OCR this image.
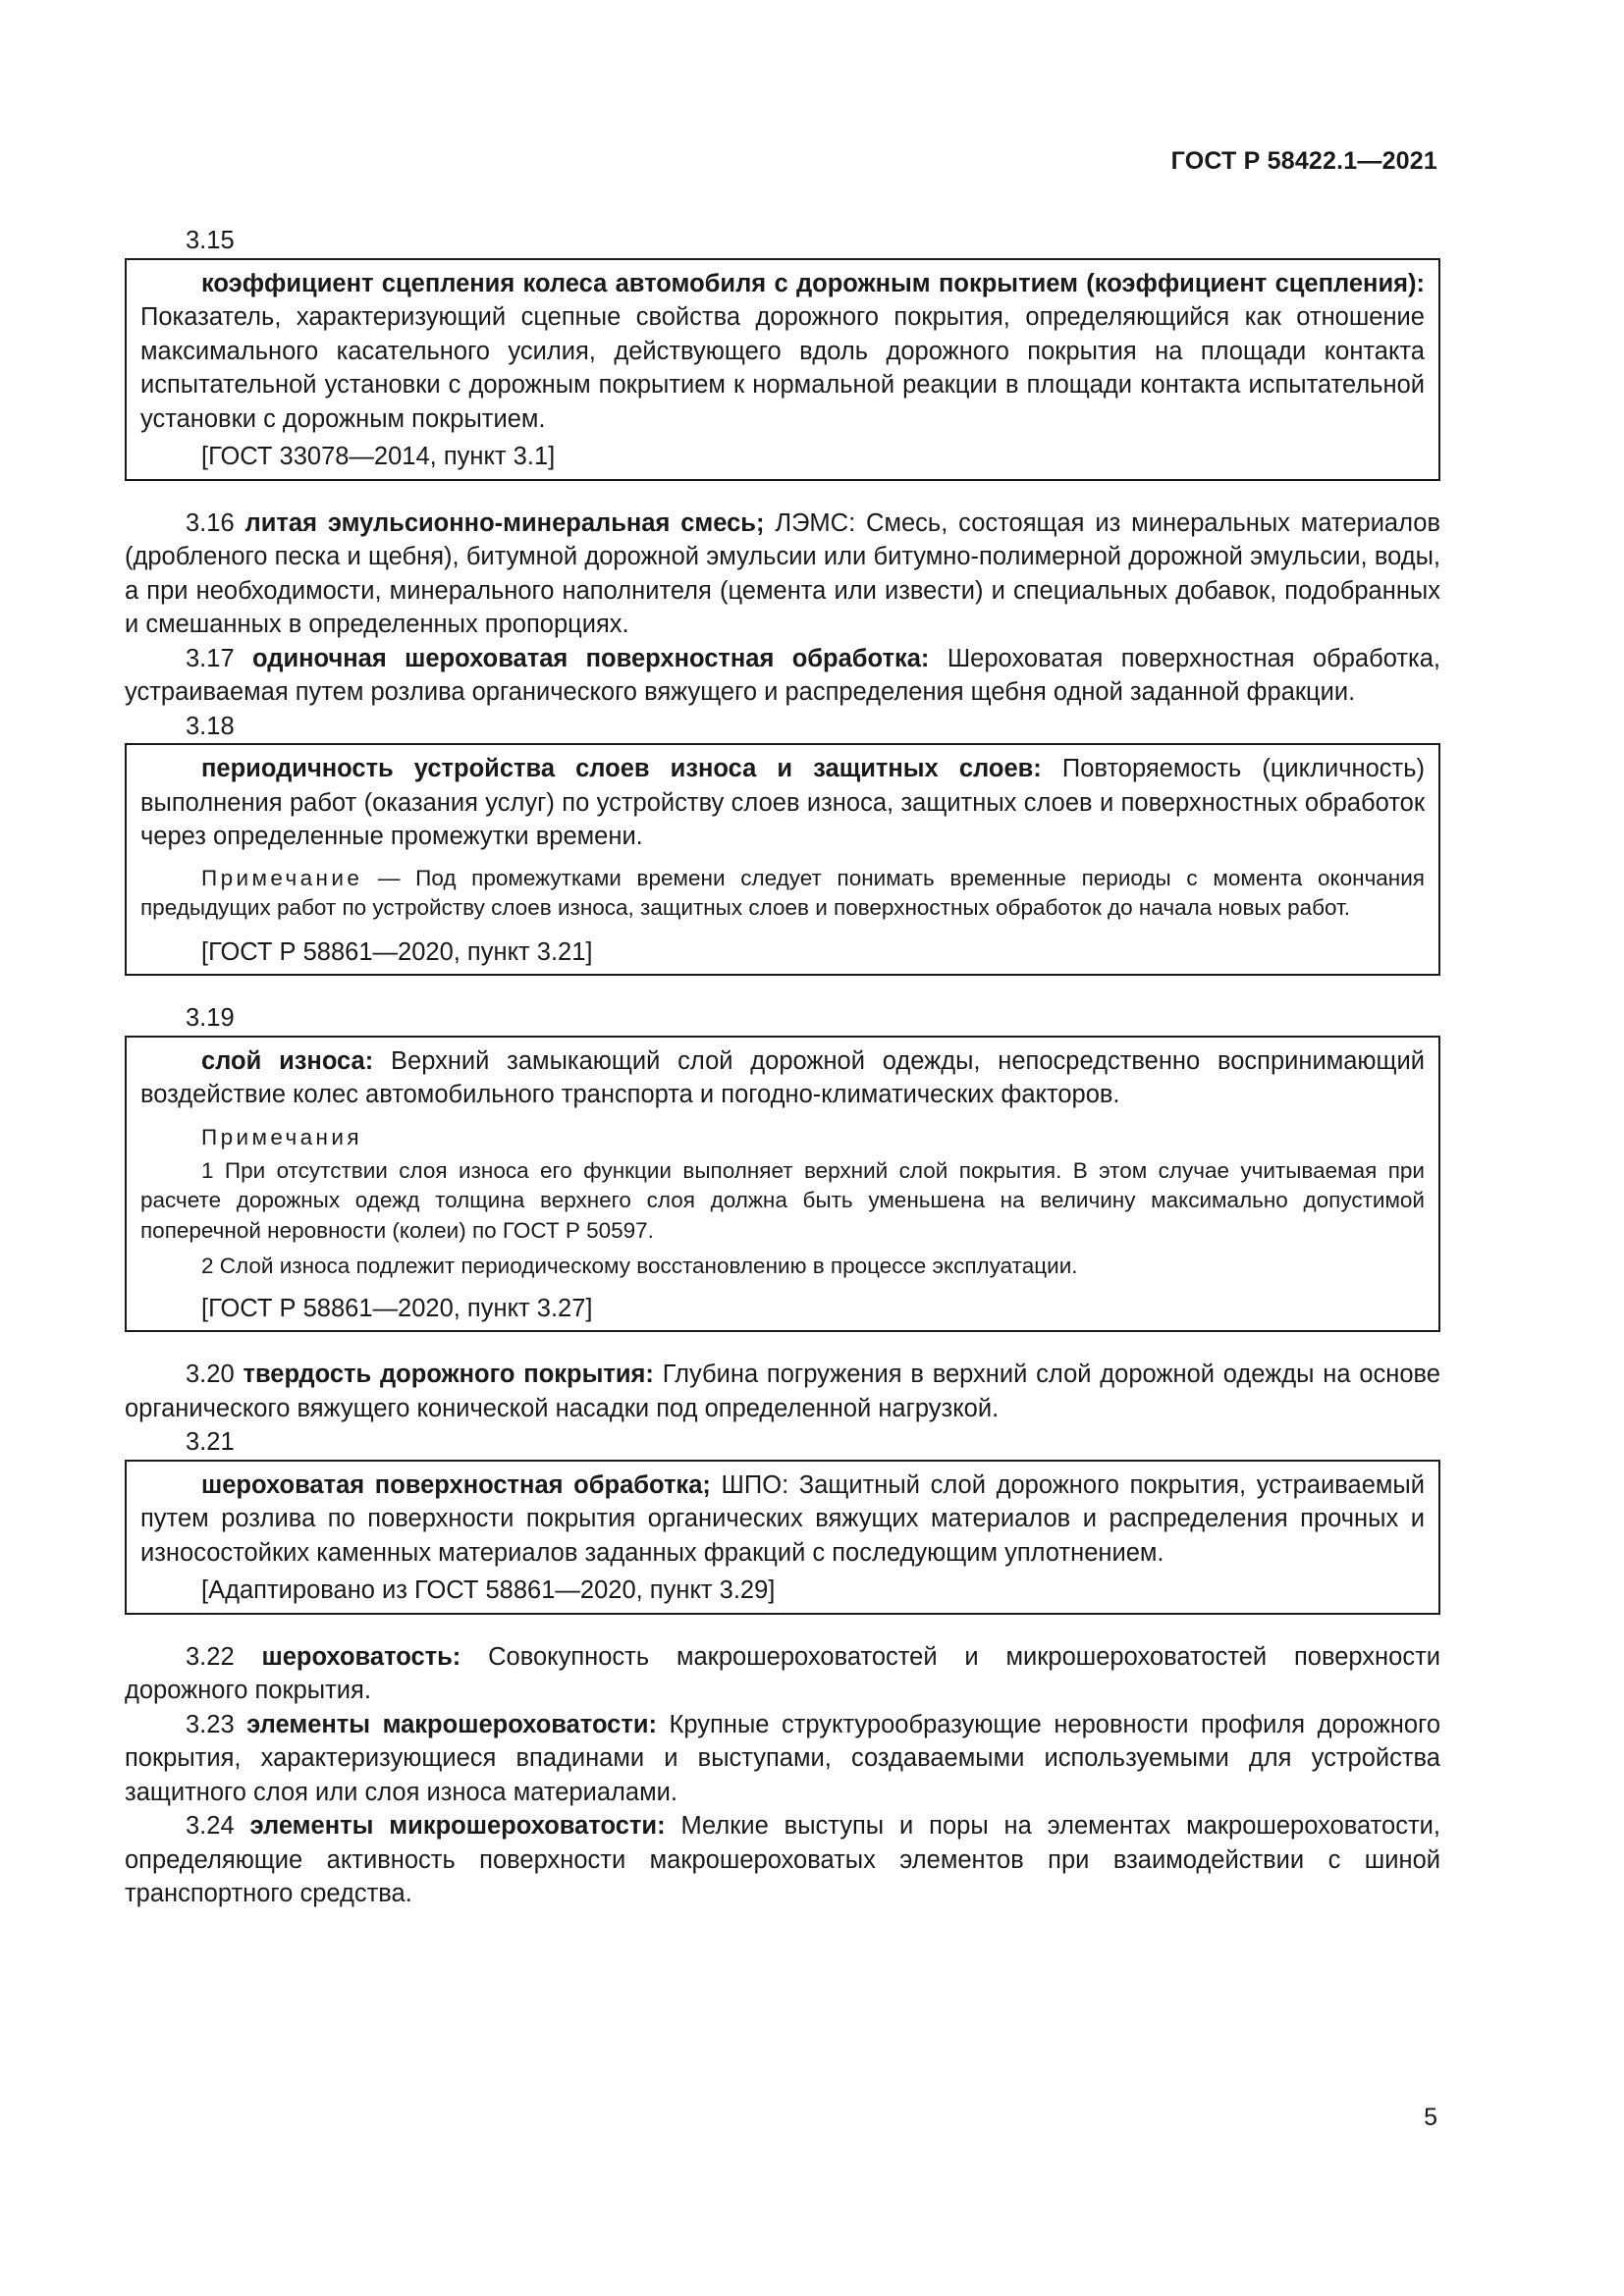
ГОСТ Р 58422.1—2021

3.15

коэффициент сцепления колеса автомобиля с дорожным покрытием (коэффициент сцепления): Показатель, характеризующий сцепные свойства дорожного покрытия, определяющийся как отношение максимального касательного усилия, действующего вдоль дорожного покрытия на площади контакта испытательной установки с дорожным покрытием к нормальной реакции в площади контакта испытательной установки с дорожным покрытием.

[ГОСТ 33078—2014, пункт 3.1]

3.16 литая эмульсионно-минеральная смесь; ЛЭМС: Смесь, состоящая из минеральных материалов (дробленого песка и щебня), битумной дорожной эмульсии или битумно-полимерной дорожной эмульсии, воды, а при необходимости, минерального наполнителя (цемента или извести) и специальных добавок, подобранных и смешанных в определенных пропорциях.

3.17 одиночная шероховатая поверхностная обработка: Шероховатая поверхностная обработка, устраиваемая путем розлива органического вяжущего и распределения щебня одной заданной фракции.

3.18

периодичность устройства слоев износа и защитных слоев: Повторяемость (цикличность) выполнения работ (оказания услуг) по устройству слоев износа, защитных слоев и поверхностных обработок через определенные промежутки времени.

Примечание — Под промежутками времени следует понимать временные периоды с момента окончания предыдущих работ по устройству слоев износа, защитных слоев и поверхностных обработок до начала новых работ.

[ГОСТ Р 58861—2020, пункт 3.21]

3.19

слой износа: Верхний замыкающий слой дорожной одежды, непосредственно воспринимающий воздействие колес автомобильного транспорта и погодно-климатических факторов.

Примечания

1 При отсутствии слоя износа его функции выполняет верхний слой покрытия. В этом случае учитываемая при расчете дорожных одежд толщина верхнего слоя должна быть уменьшена на величину максимально допустимой поперечной неровности (колеи) по ГОСТ Р 50597.

2 Слой износа подлежит периодическому восстановлению в процессе эксплуатации.

[ГОСТ Р 58861—2020, пункт 3.27]

3.20 твердость дорожного покрытия: Глубина погружения в верхний слой дорожной одежды на основе органического вяжущего конической насадки под определенной нагрузкой.

3.21

шероховатая поверхностная обработка; ШПО: Защитный слой дорожного покрытия, устраиваемый путем розлива по поверхности покрытия органических вяжущих материалов и распределения прочных и износостойких каменных материалов заданных фракций с последующим уплотнением.

[Адаптировано из ГОСТ 58861—2020, пункт 3.29]

3.22 шероховатость: Совокупность макрошероховатостей и микрошероховатостей поверхности дорожного покрытия.

3.23 элементы макрошероховатости: Крупные структурообразующие неровности профиля дорожного покрытия, характеризующиеся впадинами и выступами, создаваемыми используемыми для устройства защитного слоя или слоя износа материалами.

3.24 элементы микрошероховатости: Мелкие выступы и поры на элементах макрошероховатости, определяющие активность поверхности макрошероховатых элементов при взаимодействии с шиной транспортного средства.

5
